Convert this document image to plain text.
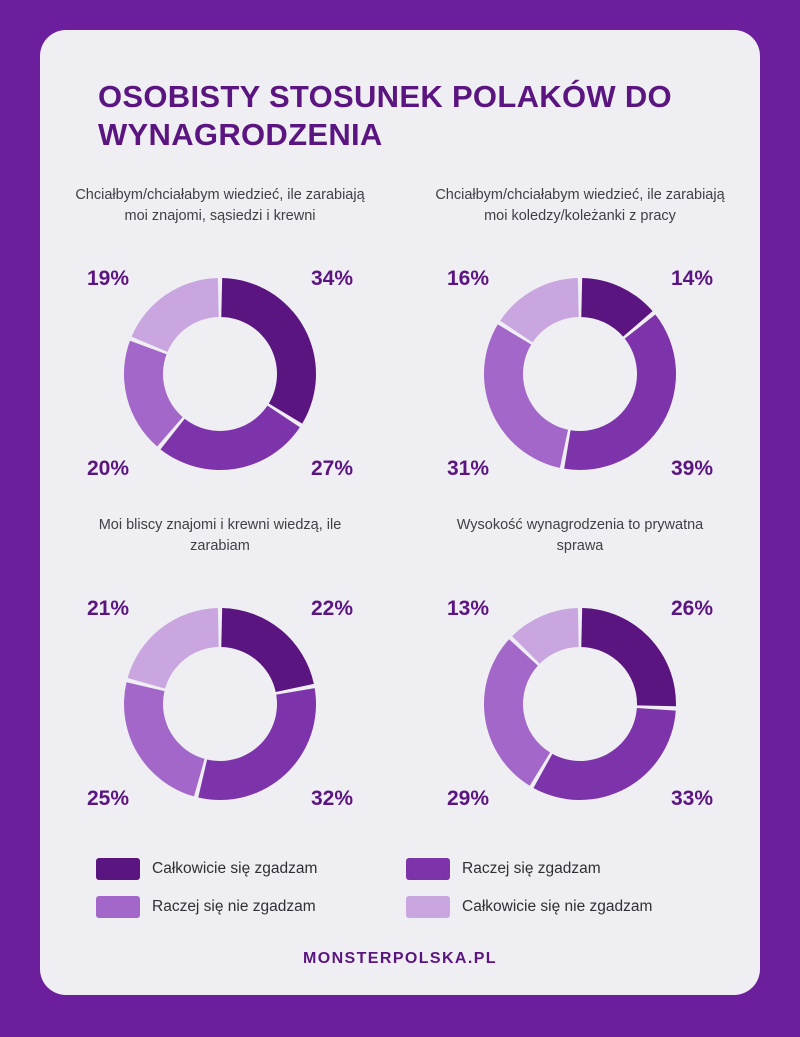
OSOBISTY STOSUNEK POLAKÓW DO WYNAGRODZENIA
Chciałbym/chciałabym wiedzieć, ile zarabiają moi znajomi, sąsiedzi i krewni
34%
27%
20%
19%
Chciałbym/chciałabym wiedzieć, ile zarabiają moi koledzy/koleżanki z pracy
14%
39%
31%
16%
Moi bliscy znajomi i krewni wiedzą, ile zarabiam
22%
32%
25%
21%
Wysokość wynagrodzenia to prywatna sprawa
26%
33%
29%
13%
Całkowicie się zgadzam	Raczej się zgadzam
Raczej się nie zgadzam	Całkowicie się nie zgadzam
MONSTERPOLSKA.PL
